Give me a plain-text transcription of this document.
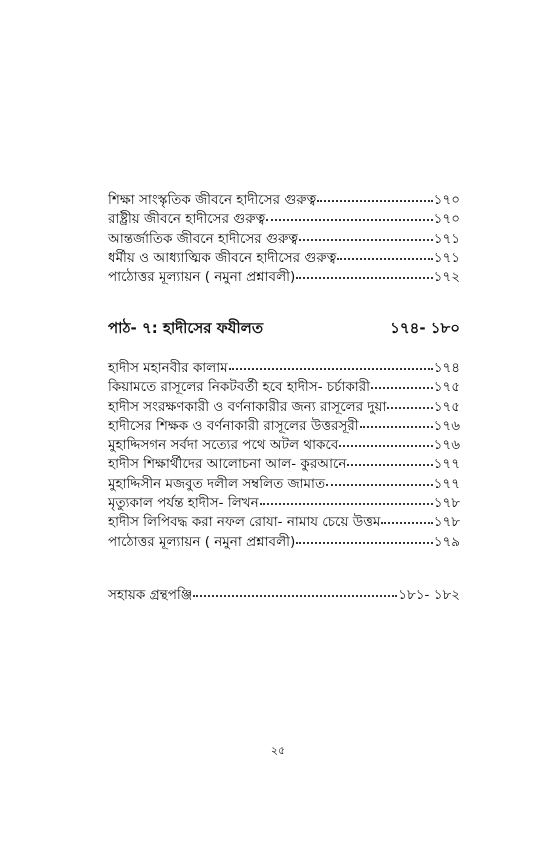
শিক্ষা সাংস্কৃতিক জীবনে হাদীসের গুরুত্ব	১৭০
রাষ্ট্রীয় জীবনে হাদীসের গুরুত্ব	১৭০
আন্তর্জাতিক জীবনে হাদীসের গুরুত্ব	১৭১
ধর্মীয় ও আধ্যাত্মিক জীবনে হাদীসের গুরুত্ব	১৭১
পাঠোত্তর মূল্যায়ন ( নমুনা প্রশ্নাবলী)	১৭২
পাঠ- ৭: হাদীসের ফযীলত	১৭৪- ১৮০
হাদীস মহানবীর কালাম	১৭৪
কিয়ামতে রাসূলের নিকটবর্তী হবে হাদীস- চর্চাকারী	১৭৫
হাদীস সংরক্ষণকারী ও বর্ণনাকারীর জন্য রাসূলের দুয়া	১৭৫
হাদীসের শিক্ষক ও বর্ণনাকারী রাসূলের উত্তরসূরী	১৭৬
মুহাদ্দিসগন সর্বদা সত্যের পথে অটল থাকবে	১৭৬
হাদীস শিক্ষার্থীদের আলোচনা আল- কুরআনে	১৭৭
মুহাদ্দিসীন মজবুত দলীল সম্বলিত জামাত	১৭৭
মৃত্যুকাল পর্যন্ত হাদীস- লিখন	১৭৮
হাদীস লিপিবদ্ধ করা নফল রোযা- নামায চেয়ে উত্তম	১৭৮
পাঠোত্তর মূল্যায়ন ( নমুনা প্রশ্নাবলী)	১৭৯
সহায়ক গ্রন্থপঞ্জি	১৮১- ১৮২
২৫
